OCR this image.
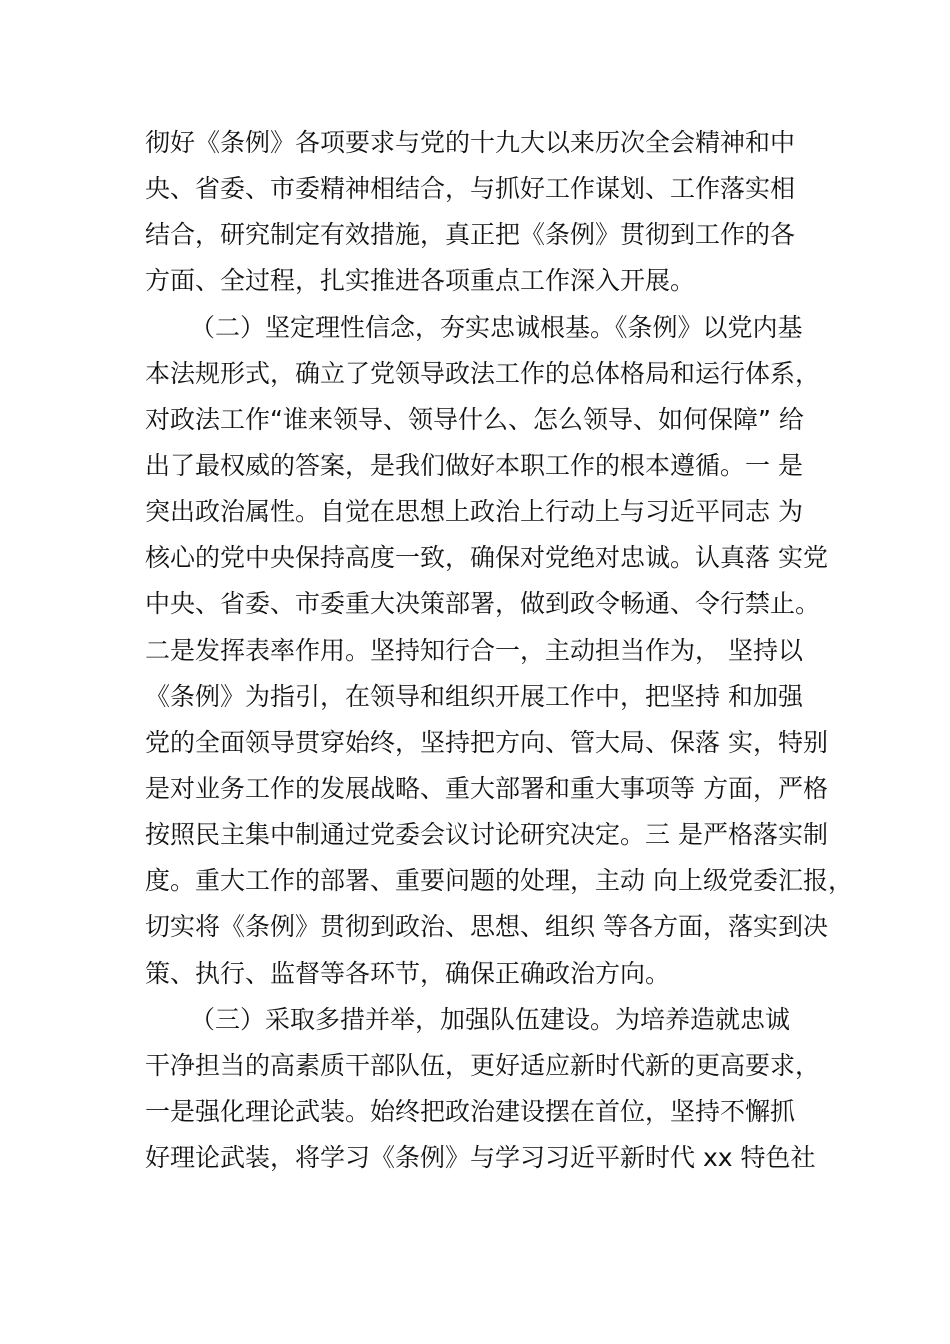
彻好《条例》各项要求与党的十九大以来历次全会精神和中
央、省委、市委精神相结合，与抓好工作谋划、工作落实相
结合，研究制定有效措施，真正把《条例》贯彻到工作的各
方面、全过程，扎实推进各项重点工作深入开展。
（二）坚定理性信念，夯实忠诚根基。《条例》以党内基
本法规形式，确立了党领导政法工作的总体格局和运行体系，
对政法工作“谁来领导、领导什么、怎么领导、如何保障” 给
出了最权威的答案，是我们做好本职工作的根本遵循。一 是
突出政治属性。自觉在思想上政治上行动上与习近平同志 为
核心的党中央保持高度一致，确保对党绝对忠诚。认真落 实党
中央、省委、市委重大决策部署，做到政令畅通、令行禁止。
二是发挥表率作用。坚持知行合一，主动担当作为， 坚持以
《条例》为指引，在领导和组织开展工作中，把坚持 和加强
党的全面领导贯穿始终，坚持把方向、管大局、保落 实，特别
是对业务工作的发展战略、重大部署和重大事项等 方面，严格
按照民主集中制通过党委会议讨论研究决定。三 是严格落实制
度。重大工作的部署、重要问题的处理，主动 向上级党委汇报，
切实将《条例》贯彻到政治、思想、组织 等各方面，落实到决
策、执行、监督等各环节，确保正确政治方向。
（三）采取多措并举，加强队伍建设。为培养造就忠诚
干净担当的高素质干部队伍，更好适应新时代新的更高要求，
一是强化理论武装。始终把政治建设摆在首位，坚持不懈抓
好理论武装，将学习《条例》与学习习近平新时代 xx 特色社
